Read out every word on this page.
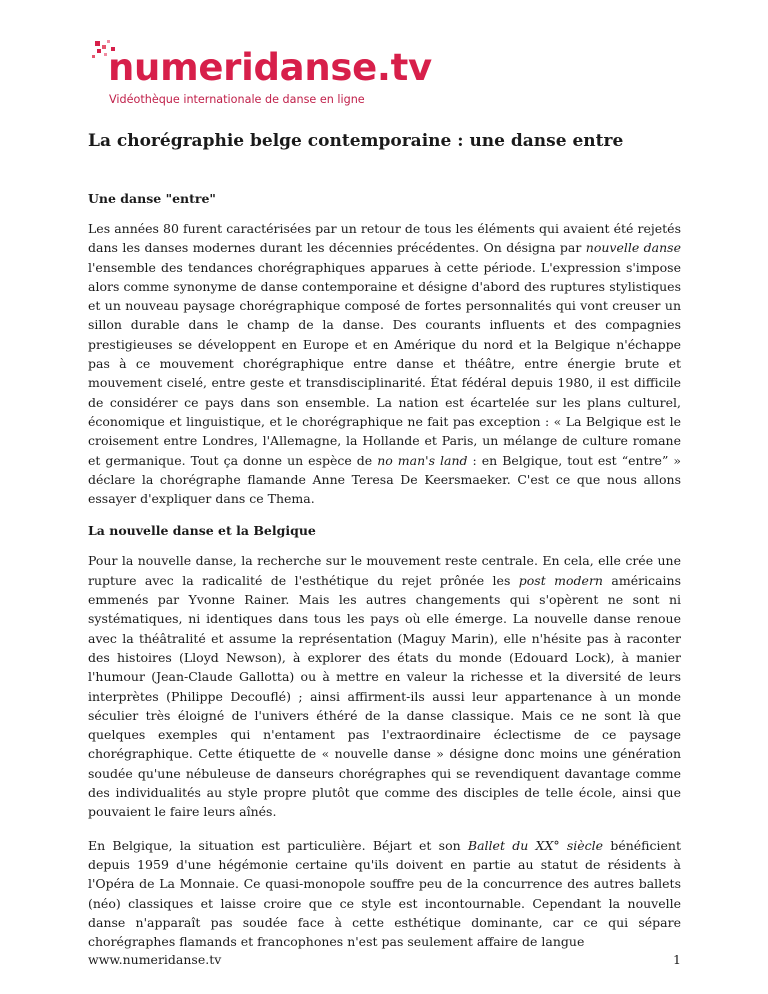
numeridanse.tv
Vidéothèque internationale de danse en ligne
La chorégraphie belge contemporaine : une danse entre
Une danse "entre"

Les années 80 furent caractérisées par un retour de tous les éléments qui avaient été rejetés dans les danses modernes durant les décennies précédentes. On désigna par nouvelle danse l'ensemble des tendances chorégraphiques apparues à cette période. L'expression s'impose alors comme synonyme de danse contemporaine et désigne d'abord des ruptures stylistiques et un nouveau paysage chorégraphique composé de fortes personnalités qui vont creuser un sillon durable dans le champ de la danse. Des courants influents et des compagnies prestigieuses se développent en Europe et en Amérique du nord et la Belgique n'échappe pas à ce mouvement chorégraphique entre danse et théâtre, entre énergie brute et mouvement ciselé, entre geste et transdisciplinarité. État fédéral depuis 1980, il est difficile de considérer ce pays dans son ensemble. La nation est écartelée sur les plans culturel, économique et linguistique, et le chorégraphique ne fait pas exception : « La Belgique est le croisement entre Londres, l'Allemagne, la Hollande et Paris, un mélange de culture romane et germanique. Tout ça donne un espèce de no man's land : en Belgique, tout est “entre” » déclare la chorégraphe flamande Anne Teresa De Keersmaeker. C'est ce que nous allons essayer d'expliquer dans ce Thema.

La nouvelle danse et la Belgique

Pour la nouvelle danse, la recherche sur le mouvement reste centrale. En cela, elle crée une rupture avec la radicalité de l'esthétique du rejet prônée les post modern américains emmenés par Yvonne Rainer. Mais les autres changements qui s'opèrent ne sont ni systématiques, ni identiques dans tous les pays où elle émerge. La nouvelle danse renoue avec la théâtralité et assume la représentation (Maguy Marin), elle n'hésite pas à raconter des histoires (Lloyd Newson), à explorer des états du monde (Edouard Lock), à manier l'humour (Jean-Claude Gallotta) ou à mettre en valeur la richesse et la diversité de leurs interprètes (Philippe Decouflé) ; ainsi affirment-ils aussi leur appartenance à un monde séculier très éloigné de l'univers éthéré de la danse classique. Mais ce ne sont là que quelques exemples qui n'entament pas l'extraordinaire éclectisme de ce paysage chorégraphique. Cette étiquette de « nouvelle danse » désigne donc moins une génération soudée qu'une nébuleuse de danseurs chorégraphes qui se revendiquent davantage comme des individualités au style propre plutôt que comme des disciples de telle école, ainsi que pouvaient le faire leurs aînés.

En Belgique, la situation est particulière. Béjart et son Ballet du XX° siècle bénéficient depuis 1959 d'une hégémonie certaine qu'ils doivent en partie au statut de résidents à l'Opéra de La Monnaie. Ce quasi-monopole souffre peu de la concurrence des autres ballets (néo) classiques et laisse croire que ce style est incontournable. Cependant la nouvelle danse n'apparaît pas soudée face à cette esthétique dominante, car ce qui sépare chorégraphes flamands et francophones n'est pas seulement affaire de langue

www.numeridanse.tv	1
